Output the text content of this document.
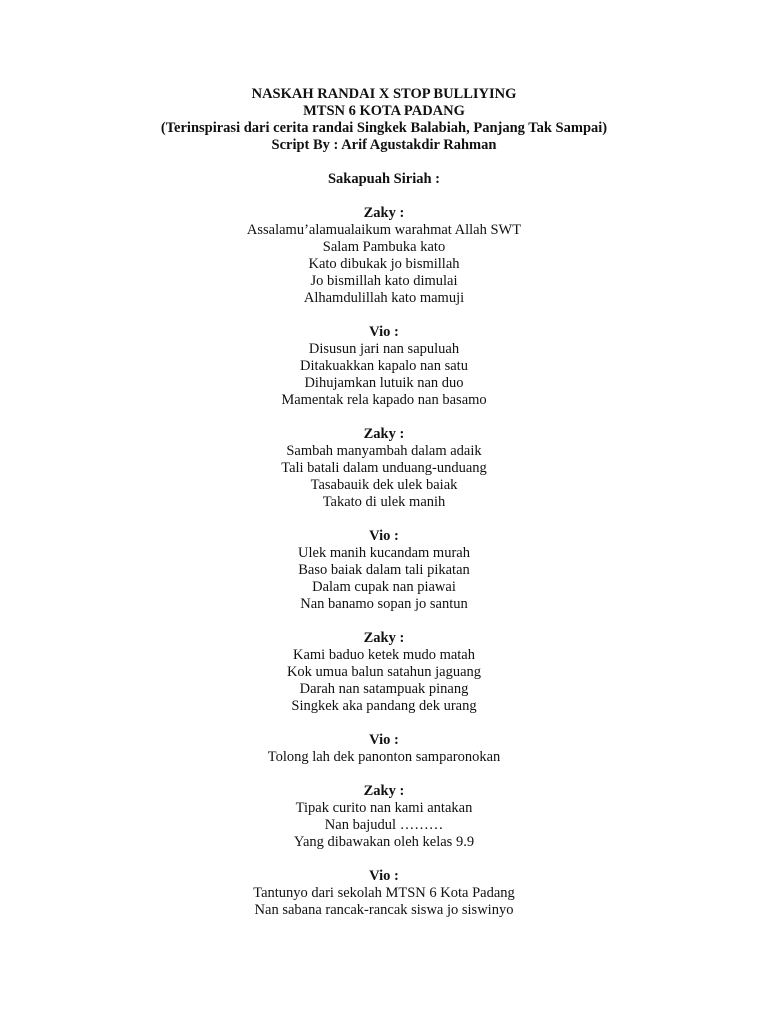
NASKAH RANDAI X STOP BULLIYING

MTSN 6 KOTA PADANG

(Terinspirasi dari cerita randai Singkek Balabiah, Panjang Tak Sampai)

Script By : Arif Agustakdir Rahman

Sakapuah Siriah :

Zaky :

Assalamu’alamualaikum warahmat Allah SWT

Salam Pambuka kato

Kato dibukak jo bismillah

Jo bismillah kato dimulai

Alhamdulillah kato mamuji

Vio :

Disusun jari nan sapuluah

Ditakuakkan kapalo nan satu

Dihujamkan lutuik nan duo

Mamentak rela kapado nan basamo

Zaky :

Sambah manyambah dalam adaik

Tali batali dalam unduang-unduang

Tasabauik dek ulek baiak

Takato di ulek manih

Vio :

Ulek manih kucandam murah

Baso baiak dalam tali pikatan

Dalam cupak nan piawai

Nan banamo sopan jo santun

Zaky :

Kami baduo ketek mudo matah

Kok umua balun satahun jaguang

Darah nan satampuak pinang

Singkek aka pandang dek urang

Vio :

Tolong lah dek panonton samparonokan

Zaky :

Tipak curito nan kami antakan

Nan bajudul ………

Yang dibawakan oleh kelas 9.9

Vio :

Tantunyo dari sekolah MTSN 6 Kota Padang

Nan sabana rancak-rancak siswa jo siswinyo
